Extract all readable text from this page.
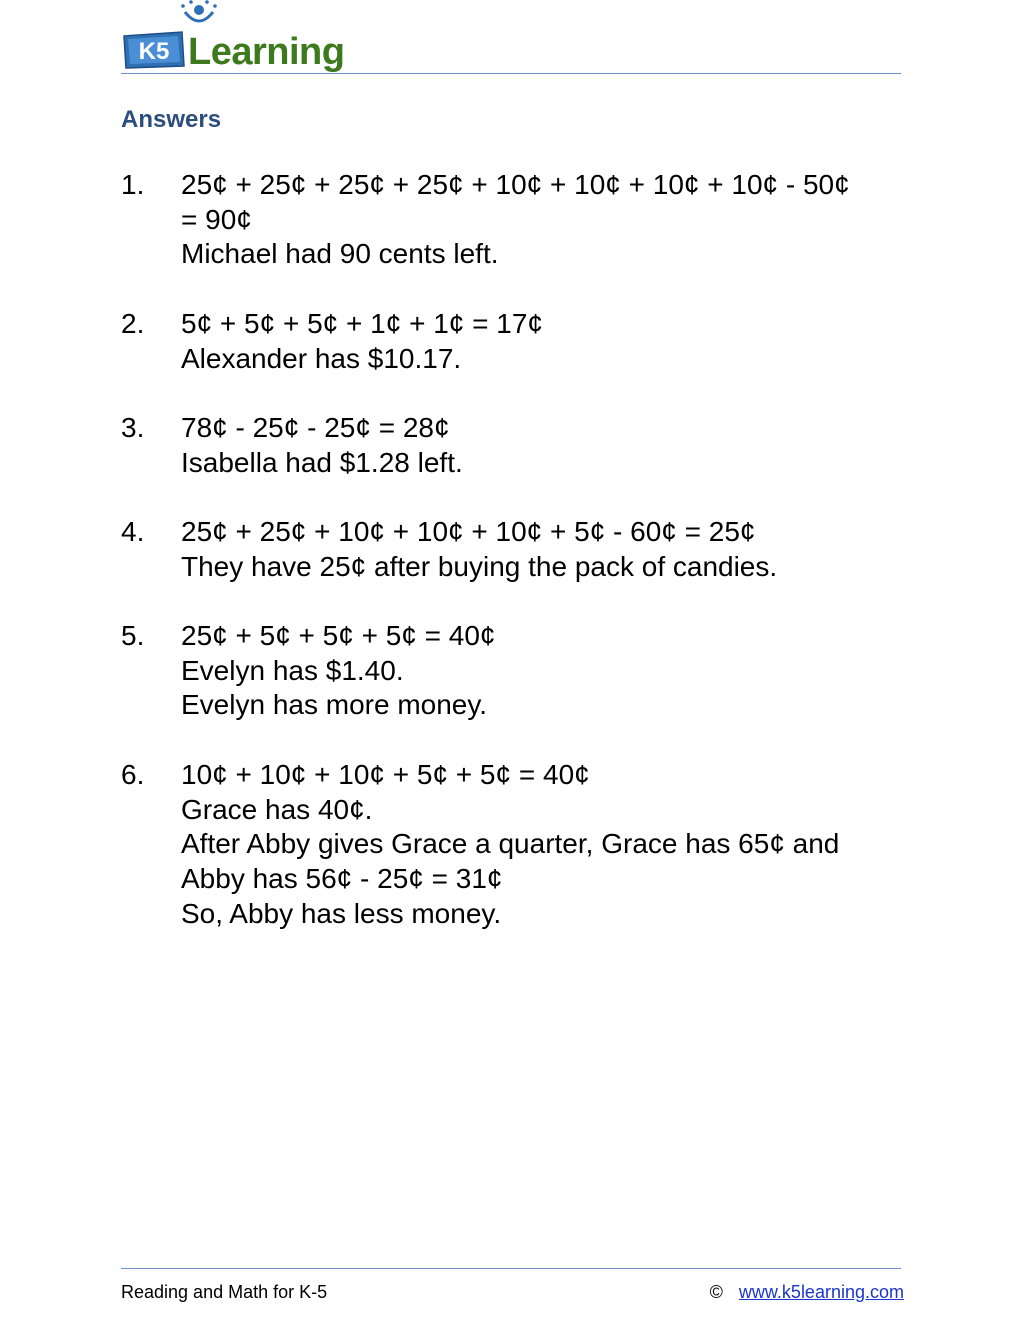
K5 Learning
Answers
1.	25¢ + 25¢ + 25¢ + 25¢ + 10¢ + 10¢ + 10¢ + 10¢ - 50¢
= 90¢
Michael had 90 cents left.
2.	5¢ + 5¢ + 5¢ + 1¢ + 1¢ = 17¢
Alexander has $10.17.
3.	78¢ - 25¢ - 25¢ = 28¢
Isabella had $1.28 left.
4.	25¢ + 25¢ + 10¢ + 10¢ + 10¢ + 5¢ - 60¢ = 25¢
They have 25¢ after buying the pack of candies.
5.	25¢ + 5¢ + 5¢ + 5¢ = 40¢
Evelyn has $1.40.
Evelyn has more money.
6.	10¢ + 10¢ + 10¢ + 5¢ + 5¢ = 40¢
Grace has 40¢.
After Abby gives Grace a quarter, Grace has 65¢ and
Abby has 56¢ - 25¢ = 31¢
So, Abby has less money.
Reading and Math for K-5	© www.k5learning.com
